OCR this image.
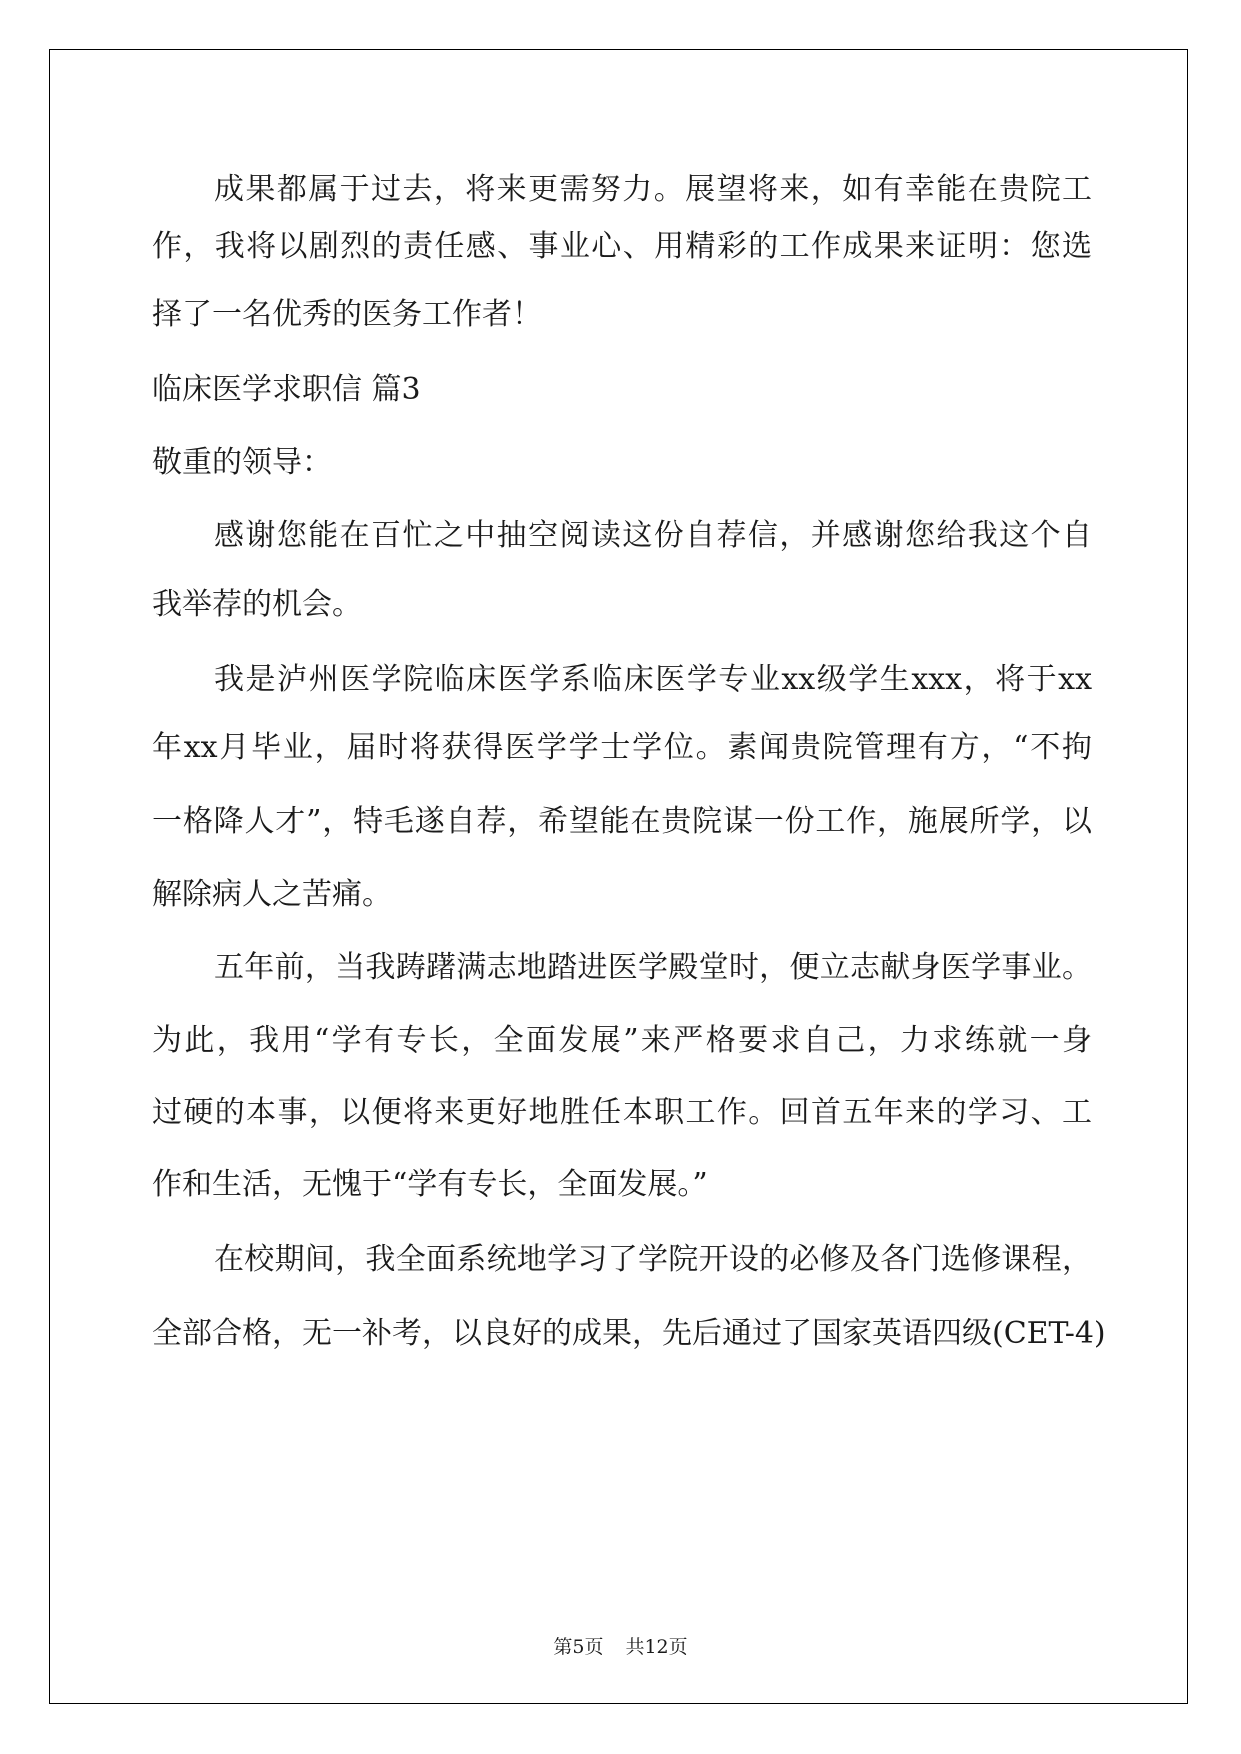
成果都属于过去，将来更需努力。展望将来，如有幸能在贵院工
作，我将以剧烈的责任感、事业心、用精彩的工作成果来证明：您选
择了一名优秀的医务工作者！
临床医学求职信 篇3
敬重的领导：
感谢您能在百忙之中抽空阅读这份自荐信，并感谢您给我这个自
我举荐的机会。
我是泸州医学院临床医学系临床医学专业xx级学生xxx，将于xx
年xx月毕业，届时将获得医学学士学位。素闻贵院管理有方，“不拘
一格降人才”，特毛遂自荐，希望能在贵院谋一份工作，施展所学，以
解除病人之苦痛。
五年前，当我踌躇满志地踏进医学殿堂时，便立志献身医学事业。
为此，我用“学有专长，全面发展”来严格要求自己，力求练就一身
过硬的本事，以便将来更好地胜任本职工作。回首五年来的学习、工
作和生活，无愧于“学有专长，全面发展。”
在校期间，我全面系统地学习了学院开设的必修及各门选修课程，
全部合格，无一补考，以良好的成果，先后通过了国家英语四级(CET-4)
第5页 共12页
